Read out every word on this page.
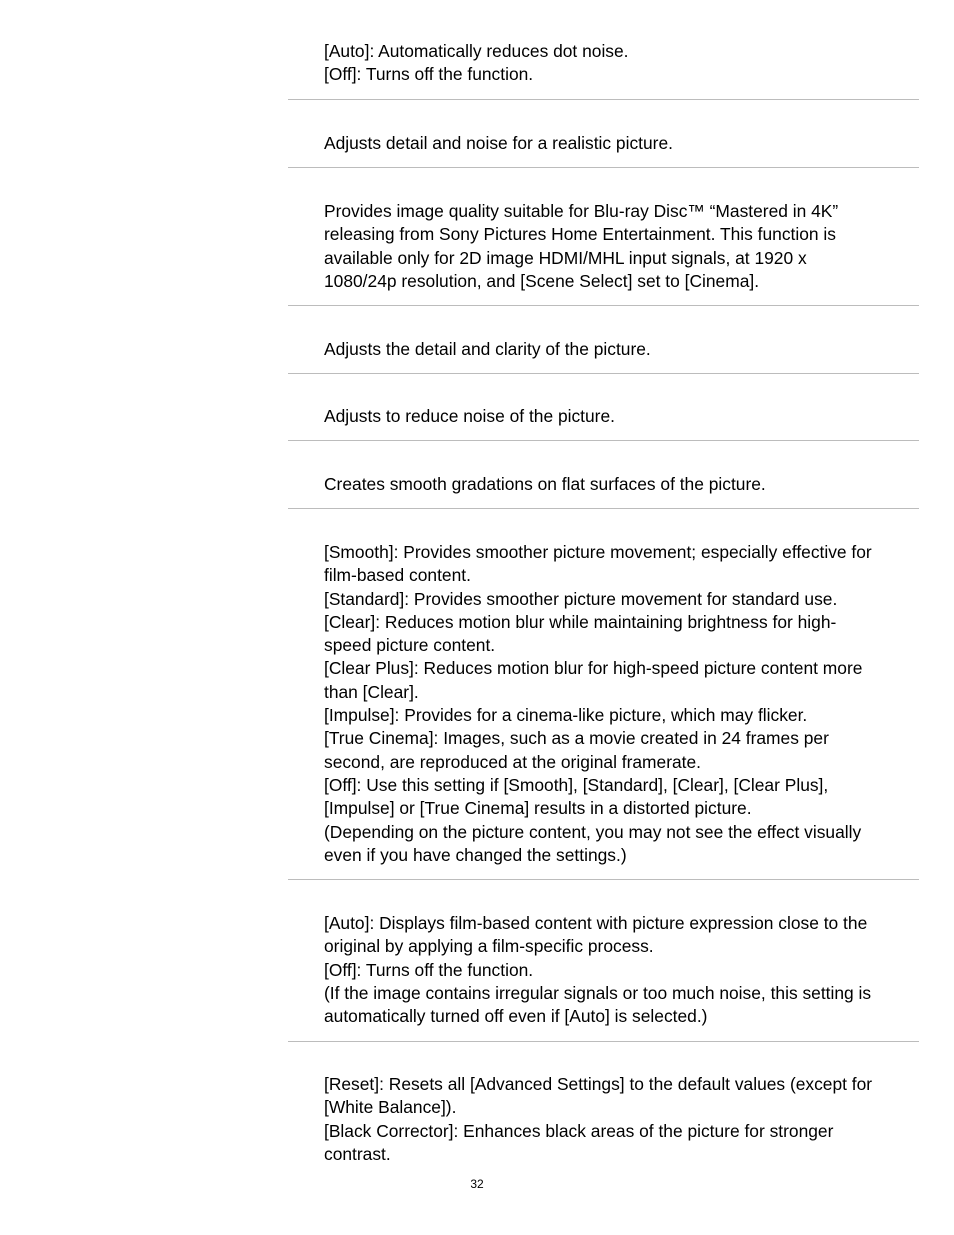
[Auto]: Automatically reduces dot noise.
[Off]: Turns off the function.
Adjusts detail and noise for a realistic picture.
Provides image quality suitable for Blu-ray Disc™ “Mastered in 4K”
releasing from Sony Pictures Home Entertainment. This function is
available only for 2D image HDMI/MHL input signals, at 1920 x
1080/24p resolution, and [Scene Select] set to [Cinema].
Adjusts the detail and clarity of the picture.
Adjusts to reduce noise of the picture.
Creates smooth gradations on flat surfaces of the picture.
[Smooth]: Provides smoother picture movement; especially effective for
film-based content.
[Standard]: Provides smoother picture movement for standard use.
[Clear]: Reduces motion blur while maintaining brightness for high-
speed picture content.
[Clear Plus]: Reduces motion blur for high-speed picture content more
than [Clear].
[Impulse]: Provides for a cinema-like picture, which may flicker.
[True Cinema]: Images, such as a movie created in 24 frames per
second, are reproduced at the original framerate.
[Off]: Use this setting if [Smooth], [Standard], [Clear], [Clear Plus],
[Impulse] or [True Cinema] results in a distorted picture.
(Depending on the picture content, you may not see the effect visually
even if you have changed the settings.)
[Auto]: Displays film-based content with picture expression close to the
original by applying a film-specific process.
[Off]: Turns off the function.
(If the image contains irregular signals or too much noise, this setting is
automatically turned off even if [Auto] is selected.)
[Reset]: Resets all [Advanced Settings] to the default values (except for
[White Balance]).
[Black Corrector]: Enhances black areas of the picture for stronger
contrast.
32
